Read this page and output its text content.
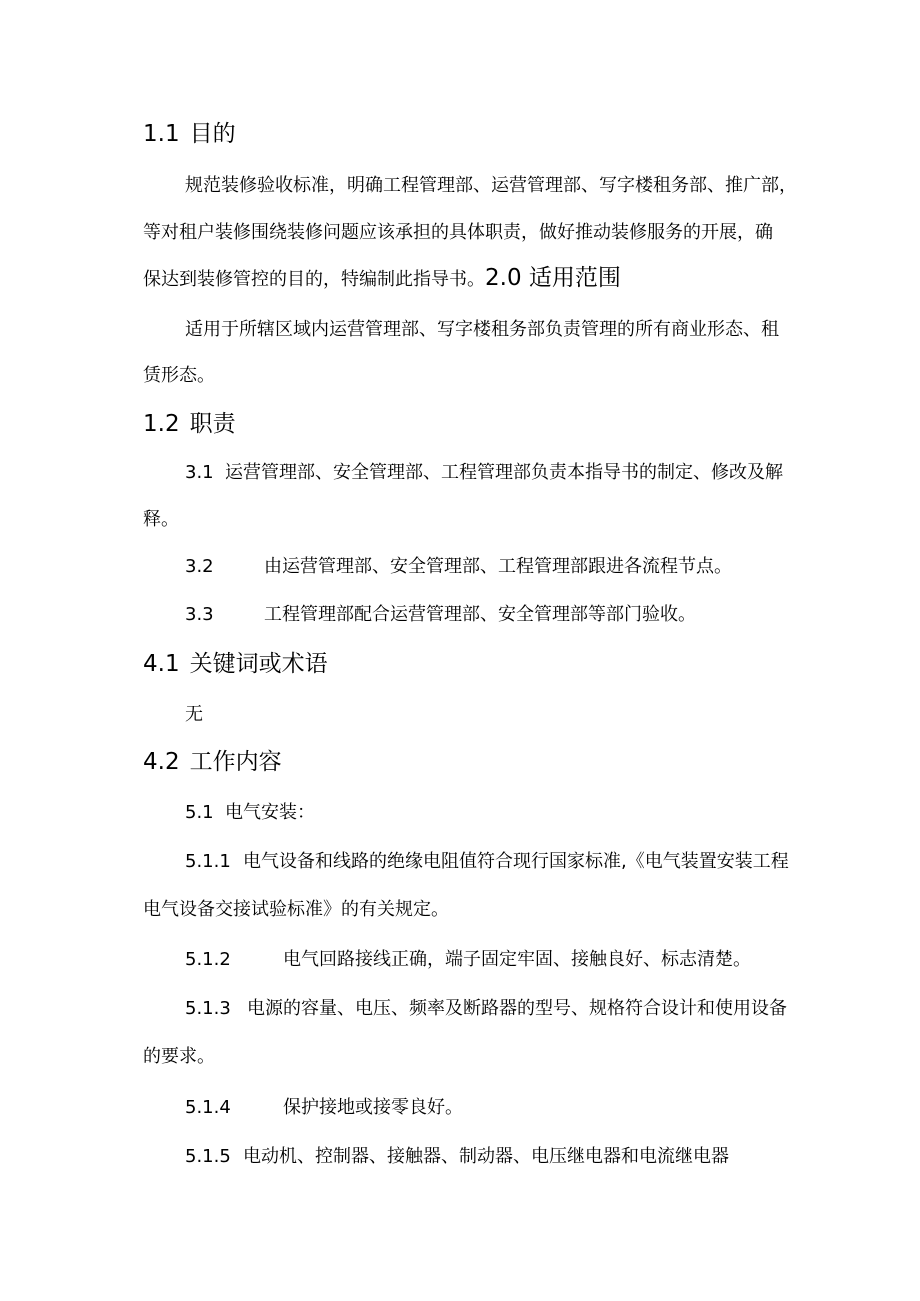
1.1 目的
规范装修验收标准，明确工程管理部、运营管理部、写字楼租务部、推广部，
等对租户装修围绕装修问题应该承担的具体职责，做好推动装修服务的开展，确
保达到装修管控的目的，特编制此指导书。2.0 适用范围
适用于所辖区域内运营管理部、写字楼租务部负责管理的所有商业形态、租
赁形态。
1.2 职责
3.1 运营管理部、安全管理部、工程管理部负责本指导书的制定、修改及解
释。
3.2	由运营管理部、安全管理部、工程管理部跟进各流程节点。
3.3	工程管理部配合运营管理部、安全管理部等部门验收。
4.1 关键词或术语
无
4.2 工作内容
5.1 电气安装：
5.1.1 电气设备和线路的绝缘电阻值符合现行国家标准,《电气装置安装工程
电气设备交接试验标准》的有关规定。
5.1.2	电气回路接线正确，端子固定牢固、接触良好、标志清楚。
5.1.3 电源的容量、电压、频率及断路器的型号、规格符合设计和使用设备
的要求。
5.1.4	保护接地或接零良好。
5.1.5 电动机、控制器、接触器、制动器、电压继电器和电流继电器
